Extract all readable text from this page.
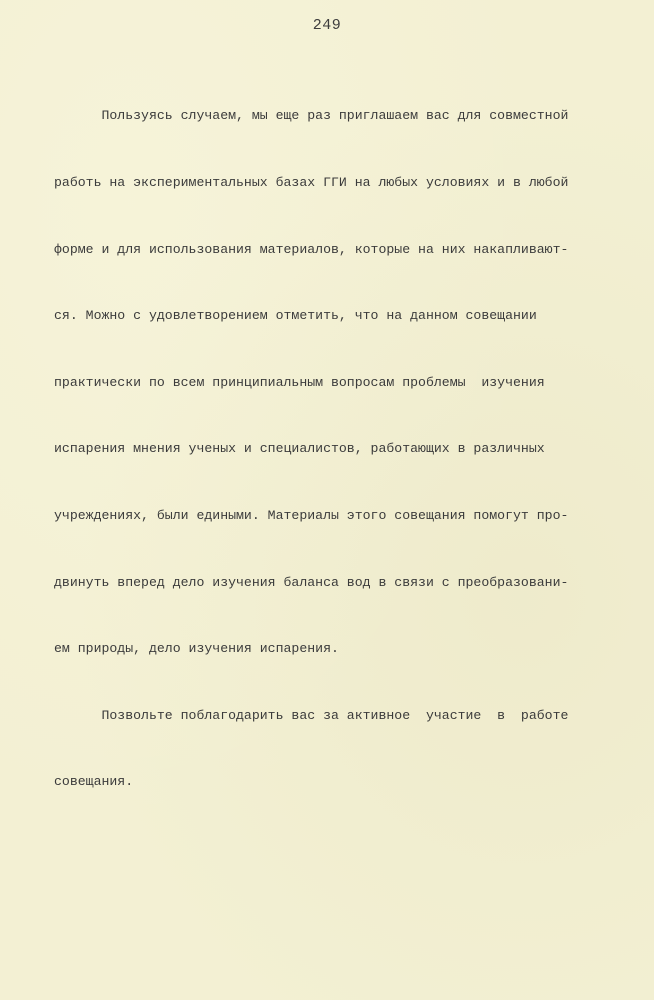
249

Пользуясь случаем, мы еще раз приглашаем вас для совместной

работь на экспериментальных базах ГГИ на любых условиях и в любой

форме и для использования материалов, которые на них накапливают-

ся. Можно с удовлетворением отметить, что на данном совещании

практически по всем принципиальным вопросам проблемы  изучения

испарения мнения ученых и специалистов, работающих в различных

учреждениях, были едиными. Материалы этого совещания помогут про-

двинуть вперед дело изучения баланса вод в связи с преобразовани-

ем природы, дело изучения испарения.

Позвольте поблагодарить вас за активное  участие  в  работе

совещания.
